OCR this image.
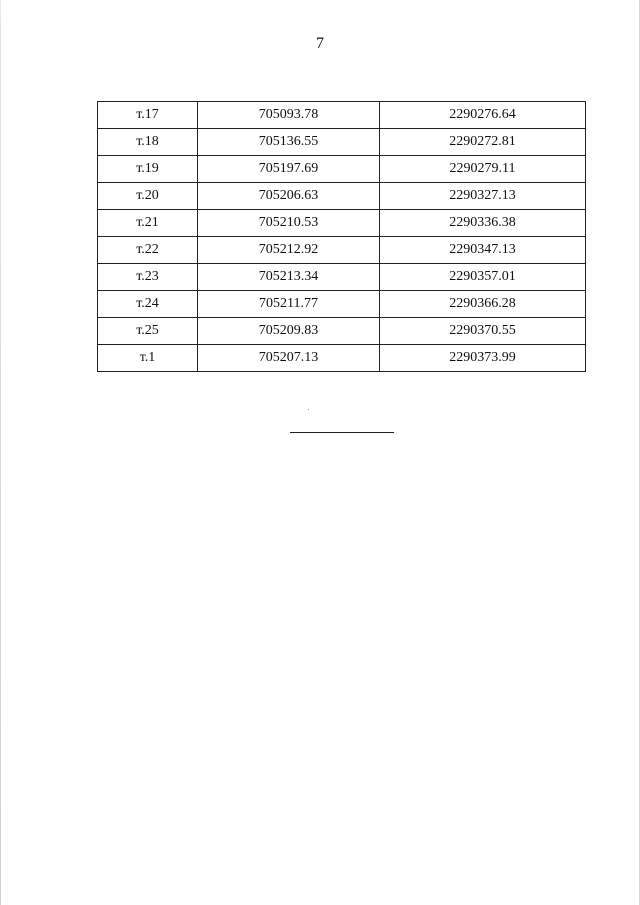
7
т.17	705093.78	2290276.64
т.18	705136.55	2290272.81
т.19	705197.69	2290279.11
т.20	705206.63	2290327.13
т.21	705210.53	2290336.38
т.22	705212.92	2290347.13
т.23	705213.34	2290357.01
т.24	705211.77	2290366.28
т.25	705209.83	2290370.55
т.1	705207.13	2290373.99
